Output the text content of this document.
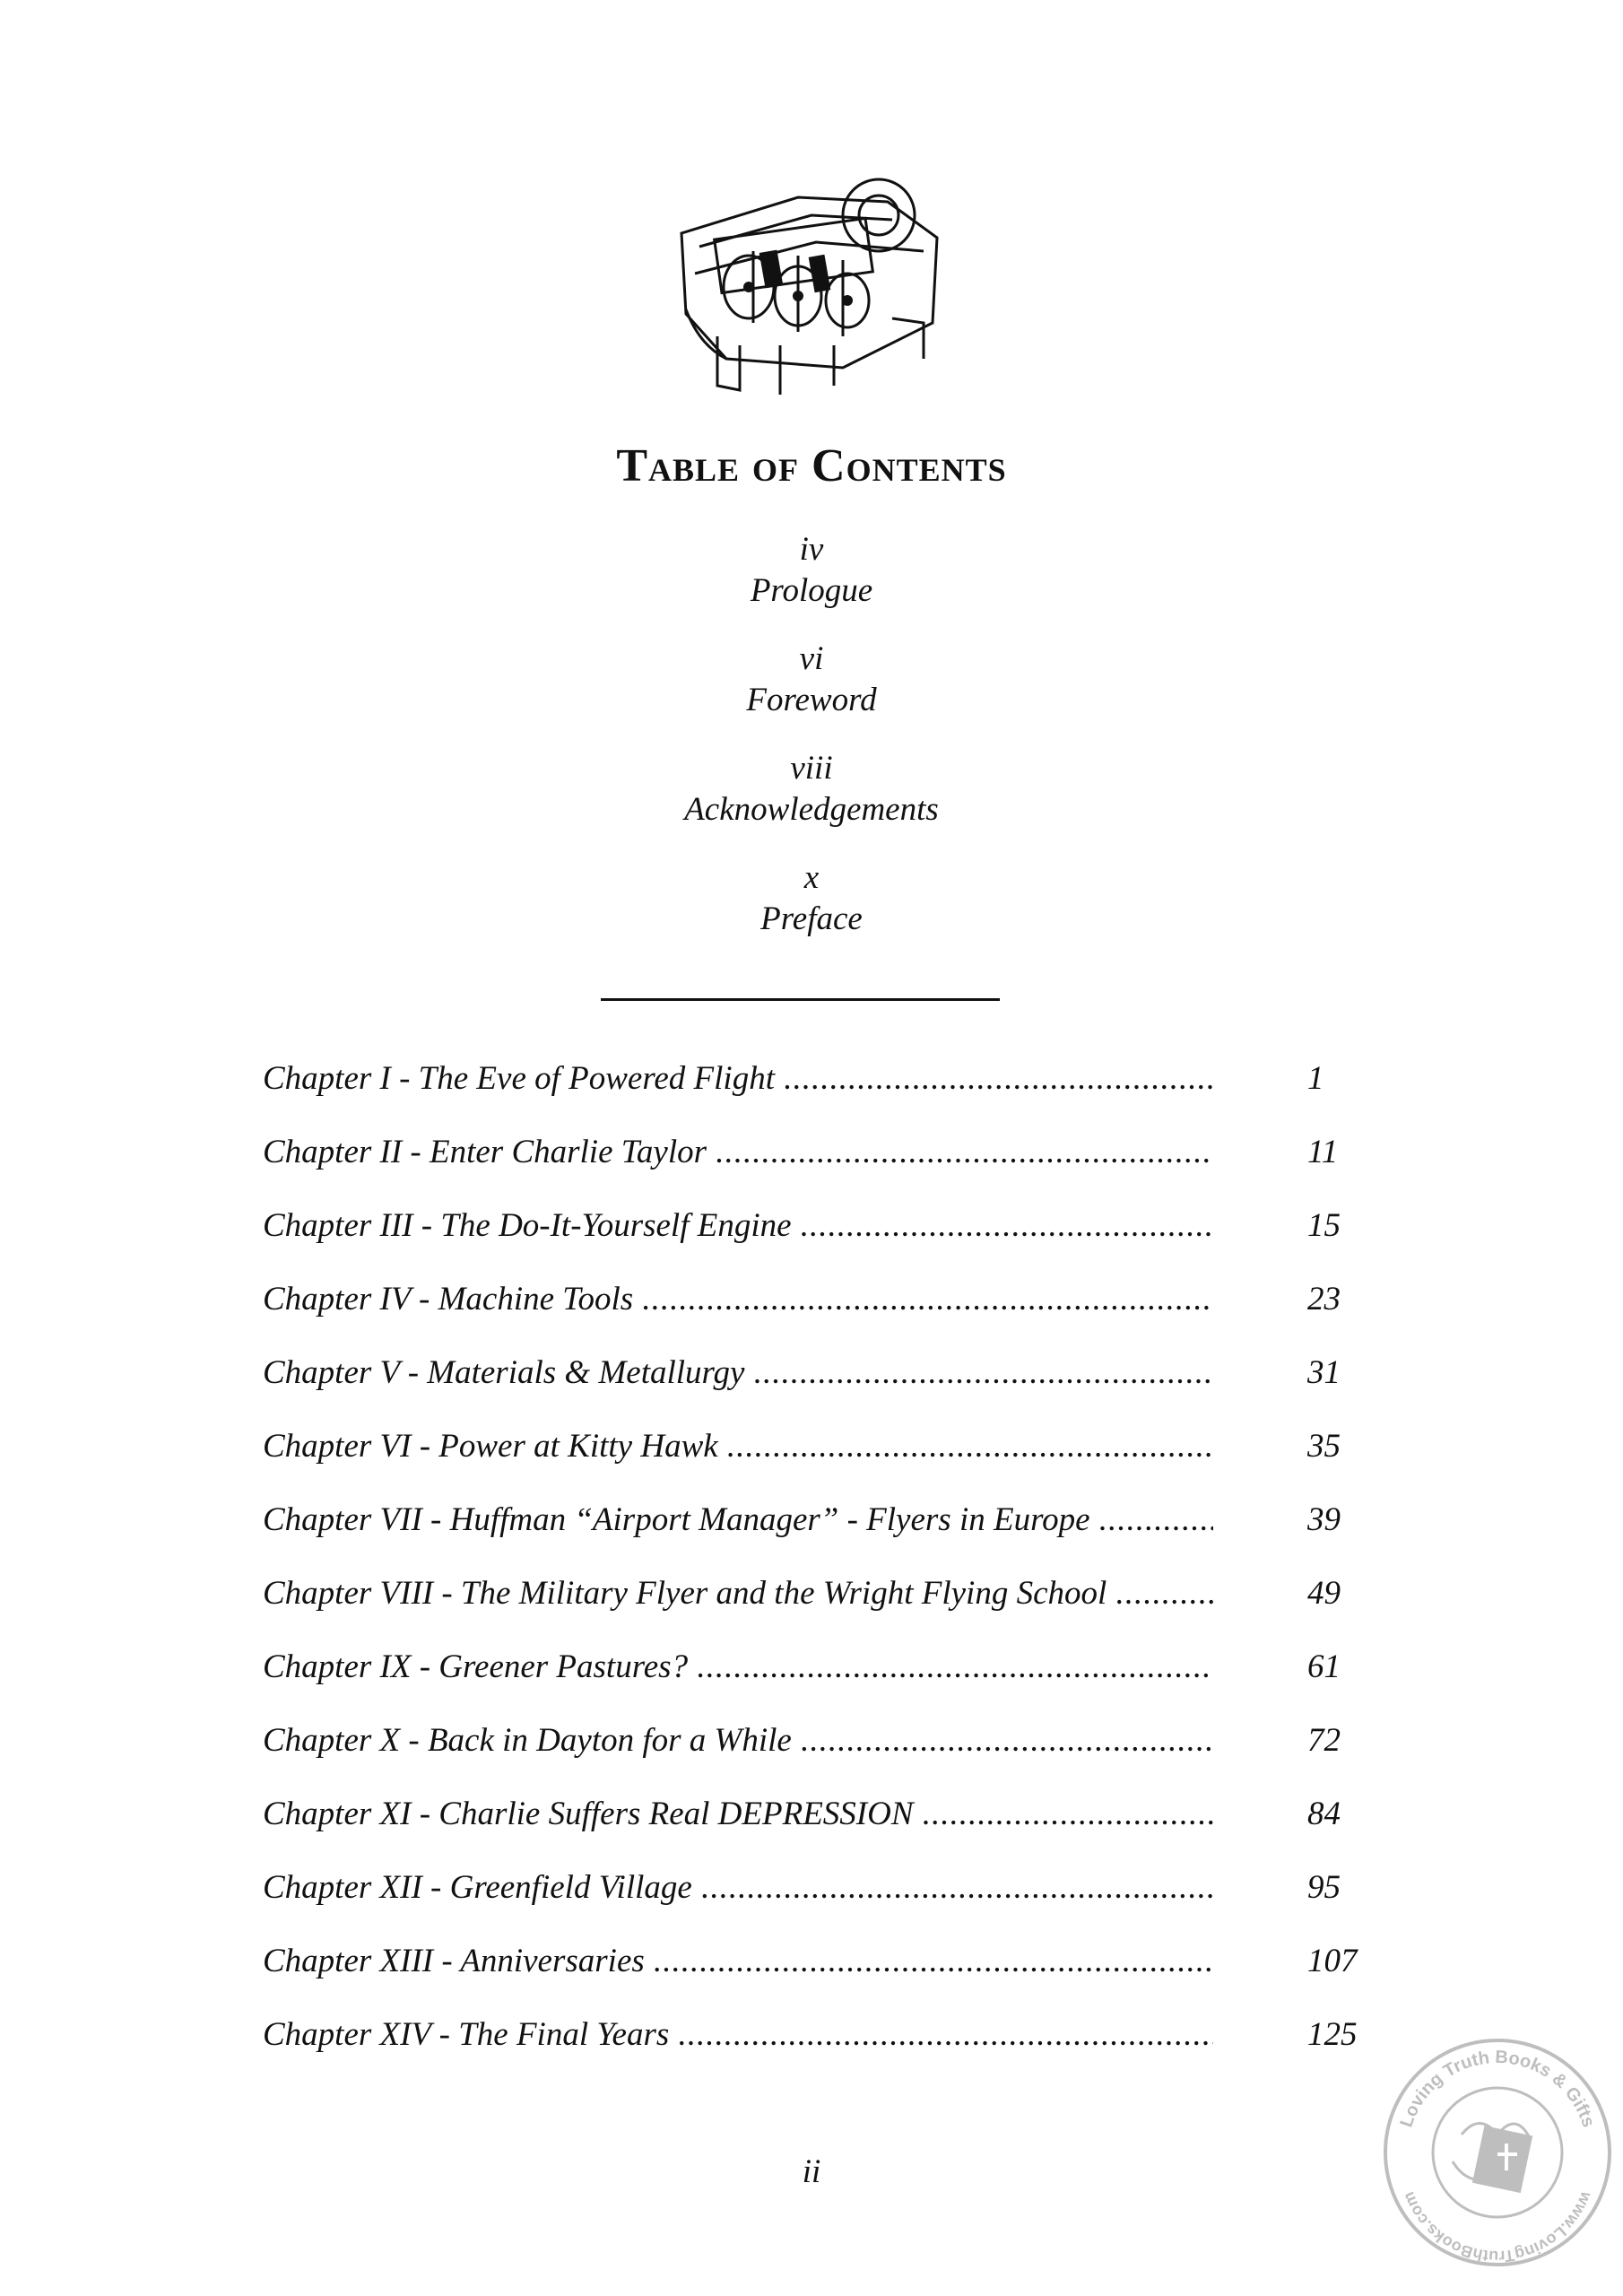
Table of Contents
iv
Prologue
vi
Foreword
viii
Acknowledgements
x
Preface
Chapter I - The Eve of Powered Flight .....	1
Chapter II - Enter Charlie Taylor .....	11
Chapter III - The Do-It-Yourself Engine .....	15
Chapter IV - Machine Tools .....	23
Chapter V - Materials & Metallurgy .....	31
Chapter VI - Power at Kitty Hawk .....	35
Chapter VII - Huffman “Airport Manager” - Flyers in Europe .....	39
Chapter VIII - The Military Flyer and the Wright Flying School .....	49
Chapter IX - Greener Pastures? .....	61
Chapter X - Back in Dayton for a While .....	72
Chapter XI - Charlie Suffers Real DEPRESSION .....	84
Chapter XII - Greenfield Village .....	95
Chapter XIII - Anniversaries .....	107
Chapter XIV - The Final Years .....	125
ii
Loving Truth Books & Gifts
www.LovingTruthBooks.com
